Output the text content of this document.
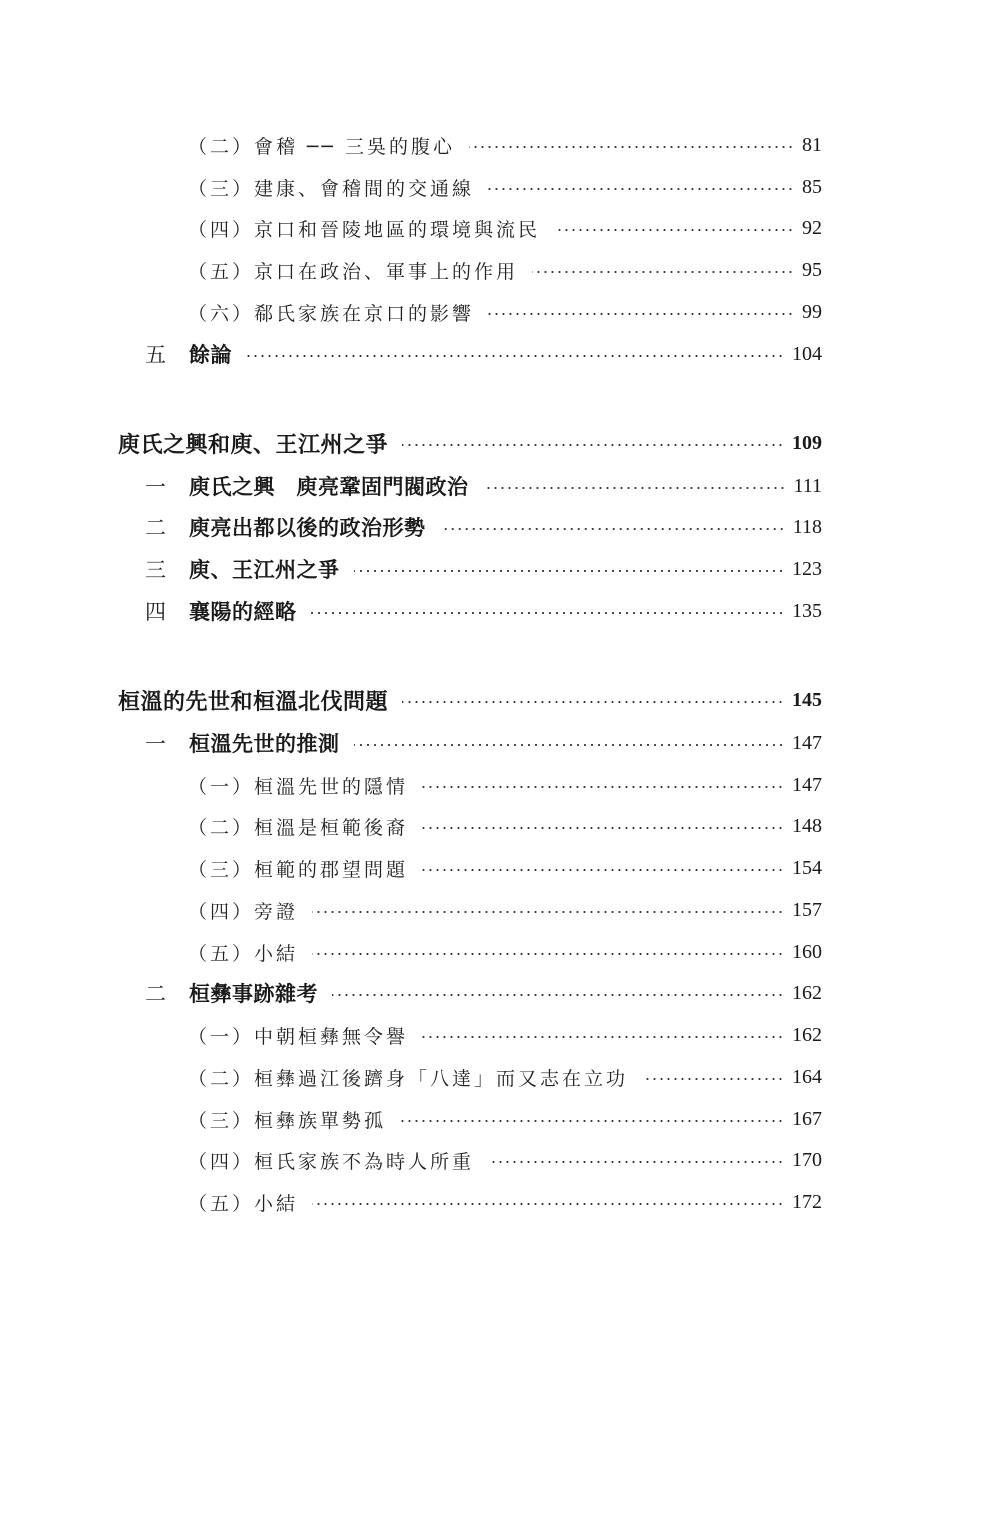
（二）會稽 ── 三吳的腹心	81
（三）建康、會稽間的交通線	85
（四）京口和晉陵地區的環境與流民	92
（五）京口在政治、軍事上的作用	95
（六）郗氏家族在京口的影響	99
五	餘論	104
庾氏之興和庾、王江州之爭	109
一	庾氏之興　庾亮鞏固門閥政治	111
二	庾亮出都以後的政治形勢	118
三	庾、王江州之爭	123
四	襄陽的經略	135
桓溫的先世和桓溫北伐問題	145
一	桓溫先世的推測	147
（一）桓溫先世的隱情	147
（二）桓溫是桓範後裔	148
（三）桓範的郡望問題	154
（四）旁證	157
（五）小結	160
二	桓彝事跡雜考	162
（一）中朝桓彝無令譽	162
（二）桓彝過江後躋身「八達」而又志在立功	164
（三）桓彝族單勢孤	167
（四）桓氏家族不為時人所重	170
（五）小結	172
